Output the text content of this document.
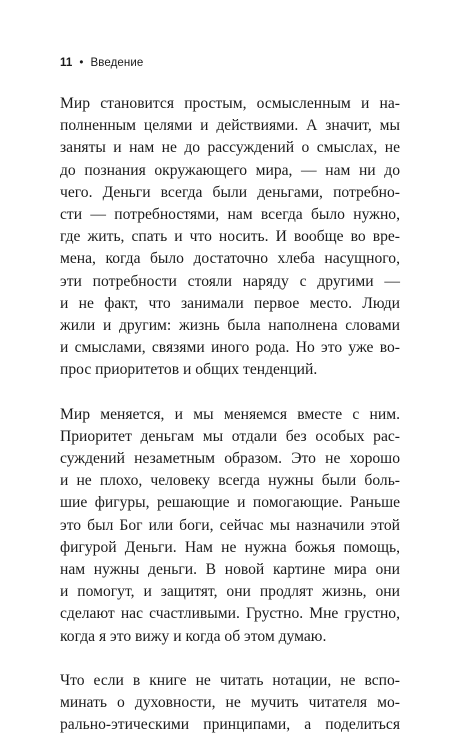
11 • Введение
Мир становится простым, осмысленным и на-
полненным целями и действиями. А значит, мы
заняты и нам не до рассуждений о смыслах, не
до познания окружающего мира, — нам ни до
чего. Деньги всегда были деньгами, потребно-
сти — потребностями, нам всегда было нужно,
где жить, спать и что носить. И вообще во вре-
мена, когда было достаточно хлеба насущного,
эти потребности стояли наряду с другими —
и не факт, что занимали первое место. Люди
жили и другим: жизнь была наполнена словами
и смыслами, связями иного рода. Но это уже во-
прос приоритетов и общих тенденций.
Мир меняется, и мы меняемся вместе с ним.
Приоритет деньгам мы отдали без особых рас-
суждений незаметным образом. Это не хорошо
и не плохо, человеку всегда нужны были боль-
шие фигуры, решающие и помогающие. Раньше
это был Бог или боги, сейчас мы назначили этой
фигурой Деньги. Нам не нужна божья помощь,
нам нужны деньги. В новой картине мира они
и помогут, и защитят, они продлят жизнь, они
сделают нас счастливыми. Грустно. Мне грустно,
когда я это вижу и когда об этом думаю.
Что если в книге не читать нотации, не вспо-
минать о духовности, не мучить читателя мо-
рально-этическими принципами, а поделиться
